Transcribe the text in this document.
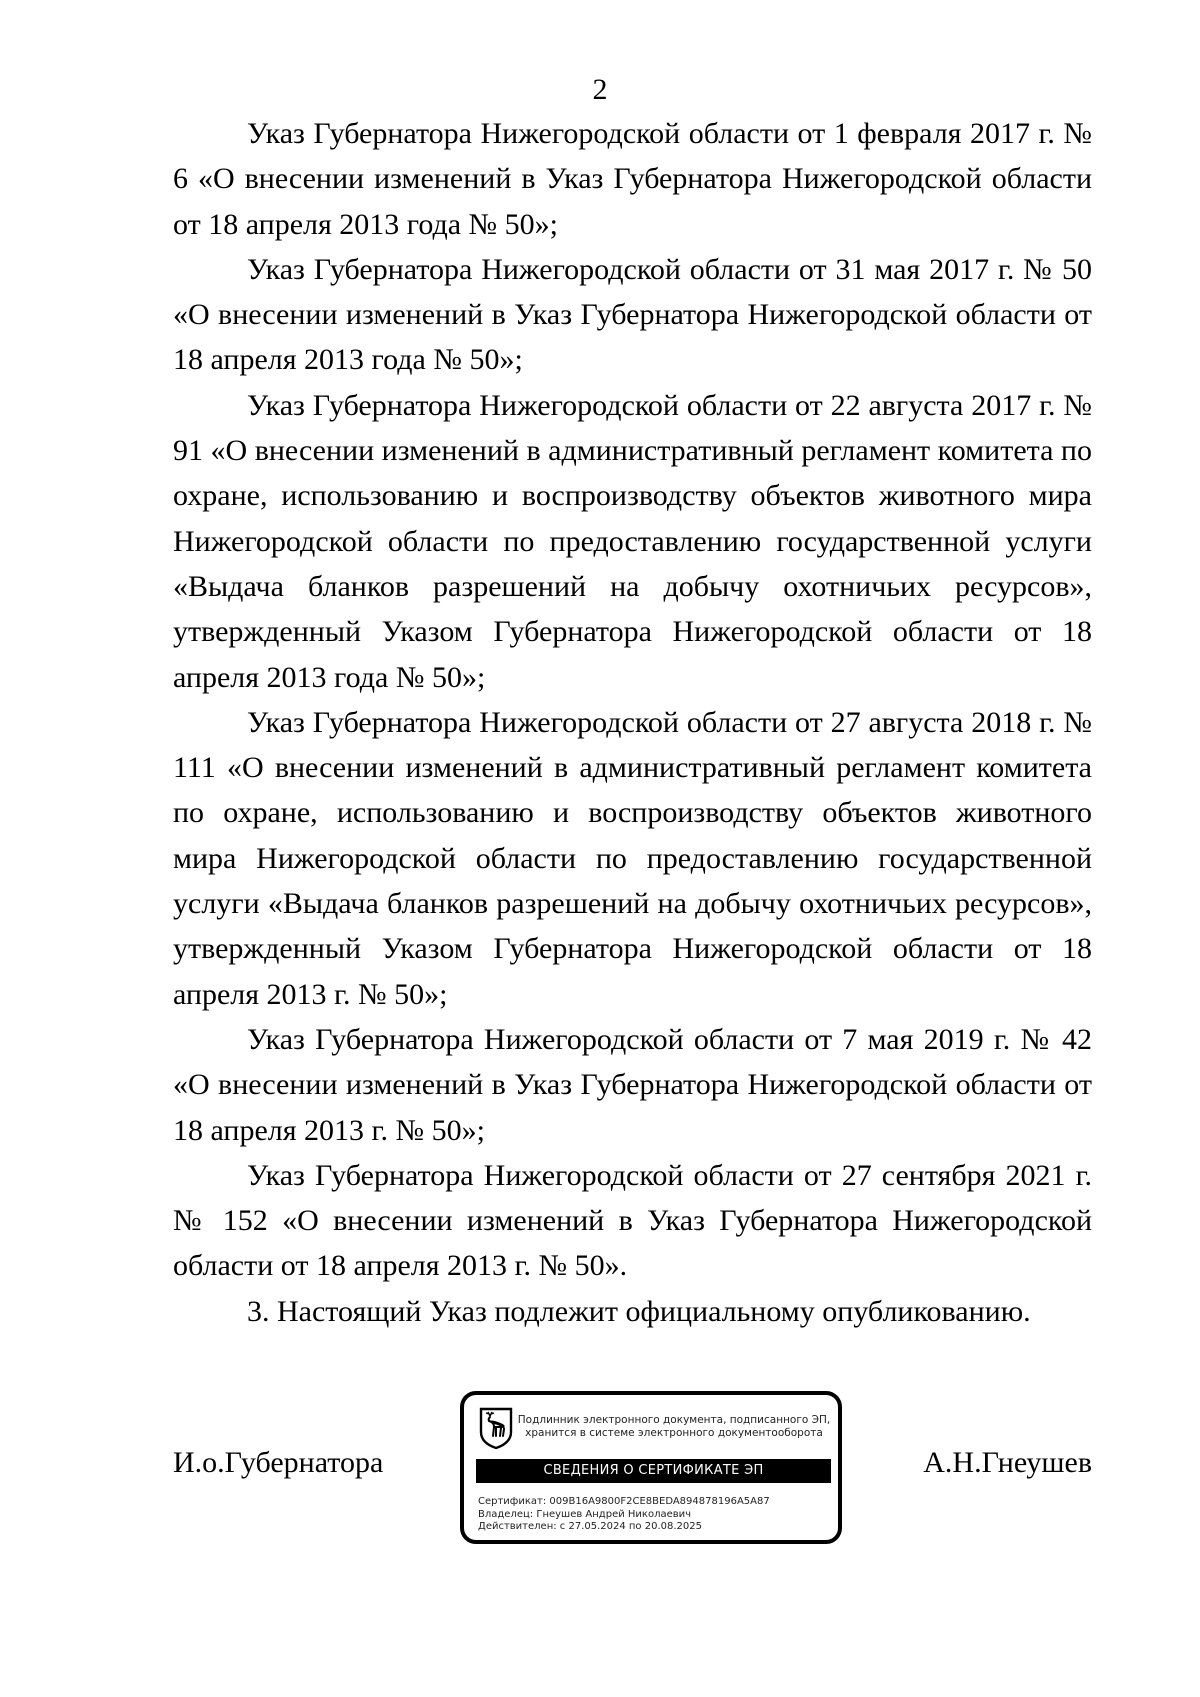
2

Указ Губернатора Нижегородской области от 1 февраля 2017 г. № 6 «О внесении изменений в Указ Губернатора Нижегородской области от 18 апреля 2013 года № 50»;

Указ Губернатора Нижегородской области от 31 мая 2017 г. № 50 «О внесении изменений в Указ Губернатора Нижегородской области от 18 апреля 2013 года № 50»;

Указ Губернатора Нижегородской области от 22 августа 2017 г. № 91 «О внесении изменений в административный регламент комитета по охране, использованию и воспроизводству объектов животного мира Нижегородской области по предоставлению государственной услуги «Выдача бланков разрешений на добычу охотничьих ресурсов», утвержденный Указом Губернатора Нижегородской области от 18 апреля 2013 года № 50»;

Указ Губернатора Нижегородской области от 27 августа 2018 г. № 111 «О внесении изменений в административный регламент комитета по охране, использованию и воспроизводству объектов животного мира Нижегородской области по предоставлению государственной услуги «Выдача бланков разрешений на добычу охотничьих ресурсов», утвержденный Указом Губернатора Нижегородской области от 18 апреля 2013 г. № 50»;

Указ Губернатора Нижегородской области от 7 мая 2019 г. № 42 «О внесении изменений в Указ Губернатора Нижегородской области от 18 апреля 2013 г. № 50»;

Указ Губернатора Нижегородской области от 27 сентября 2021 г. № 152 «О внесении изменений в Указ Губернатора Нижегородской области от 18 апреля 2013 г. № 50».

3. Настоящий Указ подлежит официальному опубликованию.

И.о.Губернатора	А.Н.Гнеушев
Подлинник электронного документа, подписанного ЭП,
хранится в системе электронного документооборота
СВЕДЕНИЯ О СЕРТИФИКАТЕ ЭП
Сертификат: 009B16A9800F2CE8BEDA894878196A5A87
Владелец: Гнеушев Андрей Николаевич
Действителен: с 27.05.2024 по 20.08.2025
